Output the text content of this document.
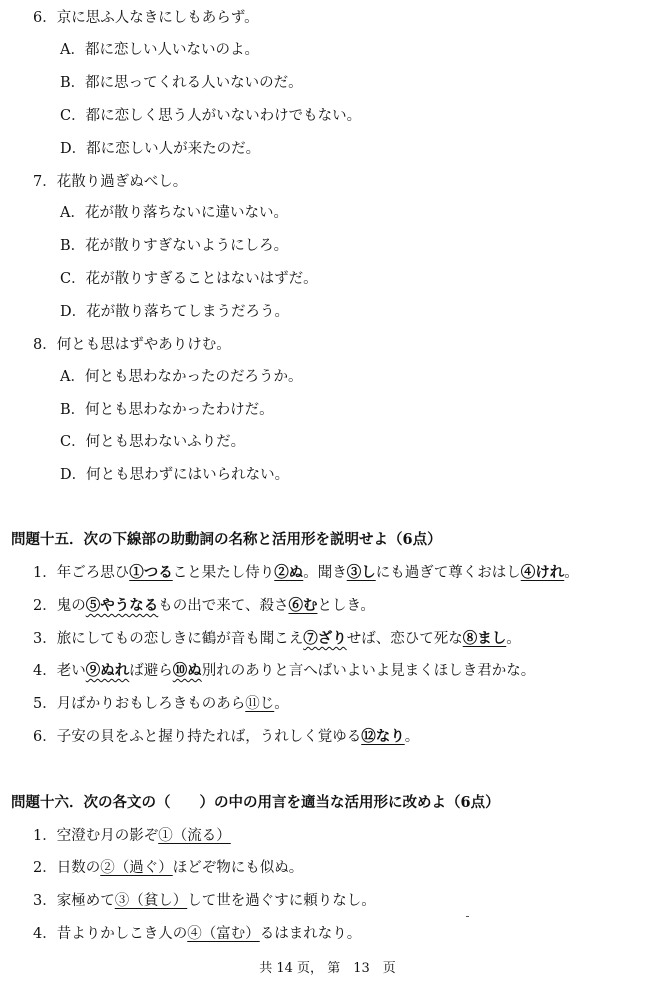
6．京に思ふ人なきにしもあらず。
A．都に恋しい人いないのよ。
B．都に思ってくれる人いないのだ。
C．都に恋しく思う人がいないわけでもない。
D．都に恋しい人が来たのだ。
7．花散り過ぎぬべし。
A．花が散り落ちないに違いない。
B．花が散りすぎないようにしろ。
C．花が散りすぎることはないはずだ。
D．花が散り落ちてしまうだろう。
8．何とも思はずやありけむ。
A．何とも思わなかったのだろうか。
B．何とも思わなかったわけだ。
C．何とも思わないふりだ。
D．何とも思わずにはいられない。
問題十五．次の下線部の助動詞の名称と活用形を説明せよ（6点）
1．年ごろ思ひ①つること果たし侍り②ぬ。聞き③しにも過ぎて尊くおはし④けれ。
2．鬼の⑤やうなるもの出で来て、殺さ⑥むとしき。
3．旅にしてもの恋しきに鶴が音も聞こえ⑦ざりせば、恋ひて死な⑧まし。
4．老い⑨ぬれば避ら⑩ぬ別れのありと言へばいよいよ見まくほしき君かな。
5．月ばかりおもしろきものあら⑪じ。
6．子安の貝をふと握り持たれば，うれしく覚ゆる⑫なり。
問題十六．次の各文の（　　）の中の用言を適当な活用形に改めよ（6点）
1．空澄む月の影ぞ①（流る）
2．日数の②（過ぐ）ほどぞ物にも似ぬ。
3．家極めて③（貧し）して世を過ぐすに頼りなし。
4．昔よりかしこき人の④（富む）るはまれなり。
共 14 页， 第　13　页
